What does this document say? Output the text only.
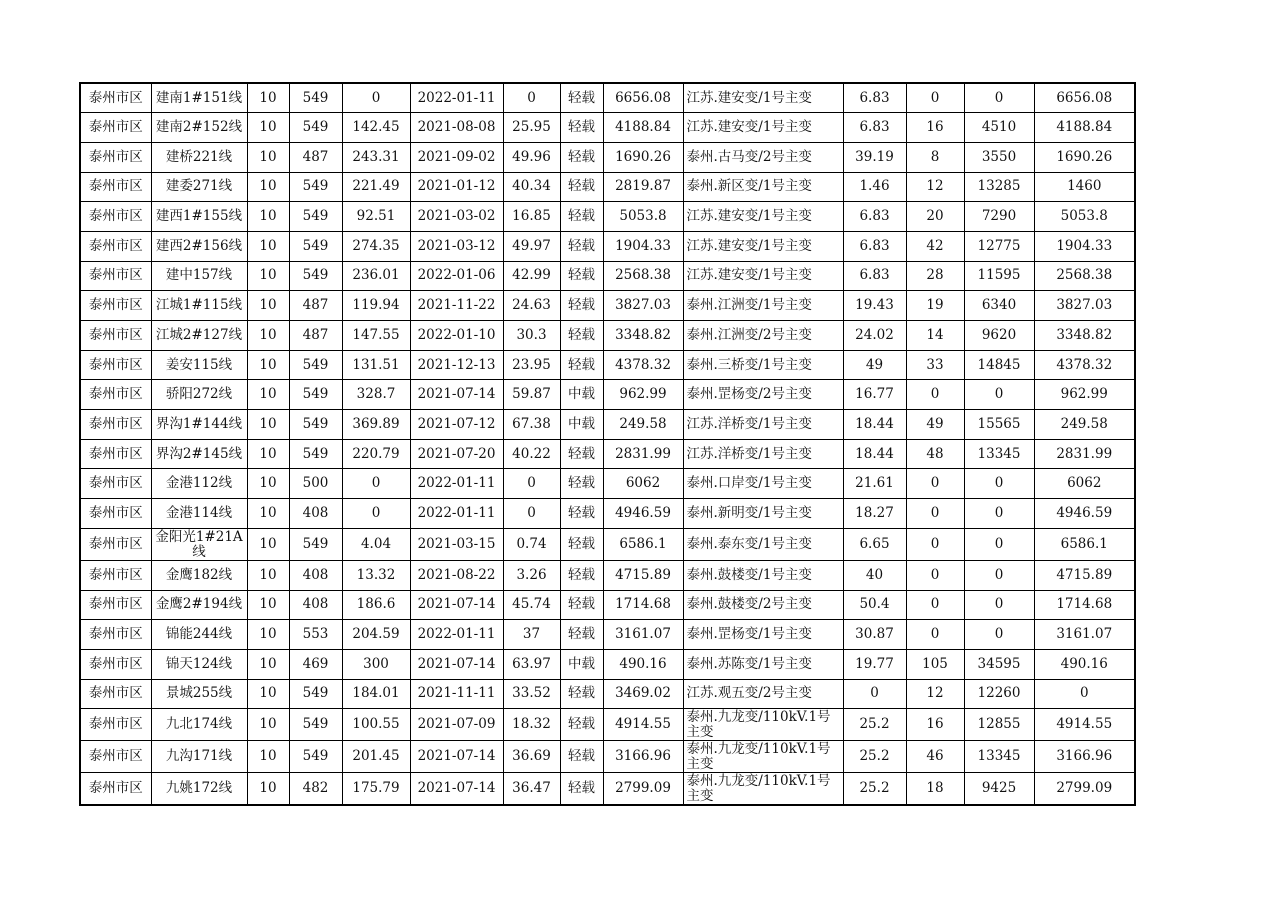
泰州市区	建南1#151线	10	549	0	2022-01-11	0	轻载	6656.08	江苏.建安变/1号主变	6.83	0	0	6656.08
泰州市区	建南2#152线	10	549	142.45	2021-08-08	25.95	轻载	4188.84	江苏.建安变/1号主变	6.83	16	4510	4188.84
泰州市区	建桥221线	10	487	243.31	2021-09-02	49.96	轻载	1690.26	泰州.古马变/2号主变	39.19	8	3550	1690.26
泰州市区	建委271线	10	549	221.49	2021-01-12	40.34	轻载	2819.87	泰州.新区变/1号主变	1.46	12	13285	1460
泰州市区	建西1#155线	10	549	92.51	2021-03-02	16.85	轻载	5053.8	江苏.建安变/1号主变	6.83	20	7290	5053.8
泰州市区	建西2#156线	10	549	274.35	2021-03-12	49.97	轻载	1904.33	江苏.建安变/1号主变	6.83	42	12775	1904.33
泰州市区	建中157线	10	549	236.01	2022-01-06	42.99	轻载	2568.38	江苏.建安变/1号主变	6.83	28	11595	2568.38
泰州市区	江城1#115线	10	487	119.94	2021-11-22	24.63	轻载	3827.03	泰州.江洲变/1号主变	19.43	19	6340	3827.03
泰州市区	江城2#127线	10	487	147.55	2022-01-10	30.3	轻载	3348.82	泰州.江洲变/2号主变	24.02	14	9620	3348.82
泰州市区	姜安115线	10	549	131.51	2021-12-13	23.95	轻载	4378.32	泰州.三桥变/1号主变	49	33	14845	4378.32
泰州市区	骄阳272线	10	549	328.7	2021-07-14	59.87	中载	962.99	泰州.罡杨变/2号主变	16.77	0	0	962.99
泰州市区	界沟1#144线	10	549	369.89	2021-07-12	67.38	中载	249.58	江苏.洋桥变/1号主变	18.44	49	15565	249.58
泰州市区	界沟2#145线	10	549	220.79	2021-07-20	40.22	轻载	2831.99	江苏.洋桥变/1号主变	18.44	48	13345	2831.99
泰州市区	金港112线	10	500	0	2022-01-11	0	轻载	6062	泰州.口岸变/1号主变	21.61	0	0	6062
泰州市区	金港114线	10	408	0	2022-01-11	0	轻载	4946.59	泰州.新明变/1号主变	18.27	0	0	4946.59
泰州市区	金阳光1#21A线	10	549	4.04	2021-03-15	0.74	轻载	6586.1	泰州.泰东变/1号主变	6.65	0	0	6586.1
泰州市区	金鹰182线	10	408	13.32	2021-08-22	3.26	轻载	4715.89	泰州.鼓楼变/1号主变	40	0	0	4715.89
泰州市区	金鹰2#194线	10	408	186.6	2021-07-14	45.74	轻载	1714.68	泰州.鼓楼变/2号主变	50.4	0	0	1714.68
泰州市区	锦能244线	10	553	204.59	2022-01-11	37	轻载	3161.07	泰州.罡杨变/1号主变	30.87	0	0	3161.07
泰州市区	锦天124线	10	469	300	2021-07-14	63.97	中载	490.16	泰州.苏陈变/1号主变	19.77	105	34595	490.16
泰州市区	景城255线	10	549	184.01	2021-11-11	33.52	轻载	3469.02	江苏.观五变/2号主变	0	12	12260	0
泰州市区	九北174线	10	549	100.55	2021-07-09	18.32	轻载	4914.55	泰州.九龙变/110kV.1号主变	25.2	16	12855	4914.55
泰州市区	九沟171线	10	549	201.45	2021-07-14	36.69	轻载	3166.96	泰州.九龙变/110kV.1号主变	25.2	46	13345	3166.96
泰州市区	九姚172线	10	482	175.79	2021-07-14	36.47	轻载	2799.09	泰州.九龙变/110kV.1号主变	25.2	18	9425	2799.09
